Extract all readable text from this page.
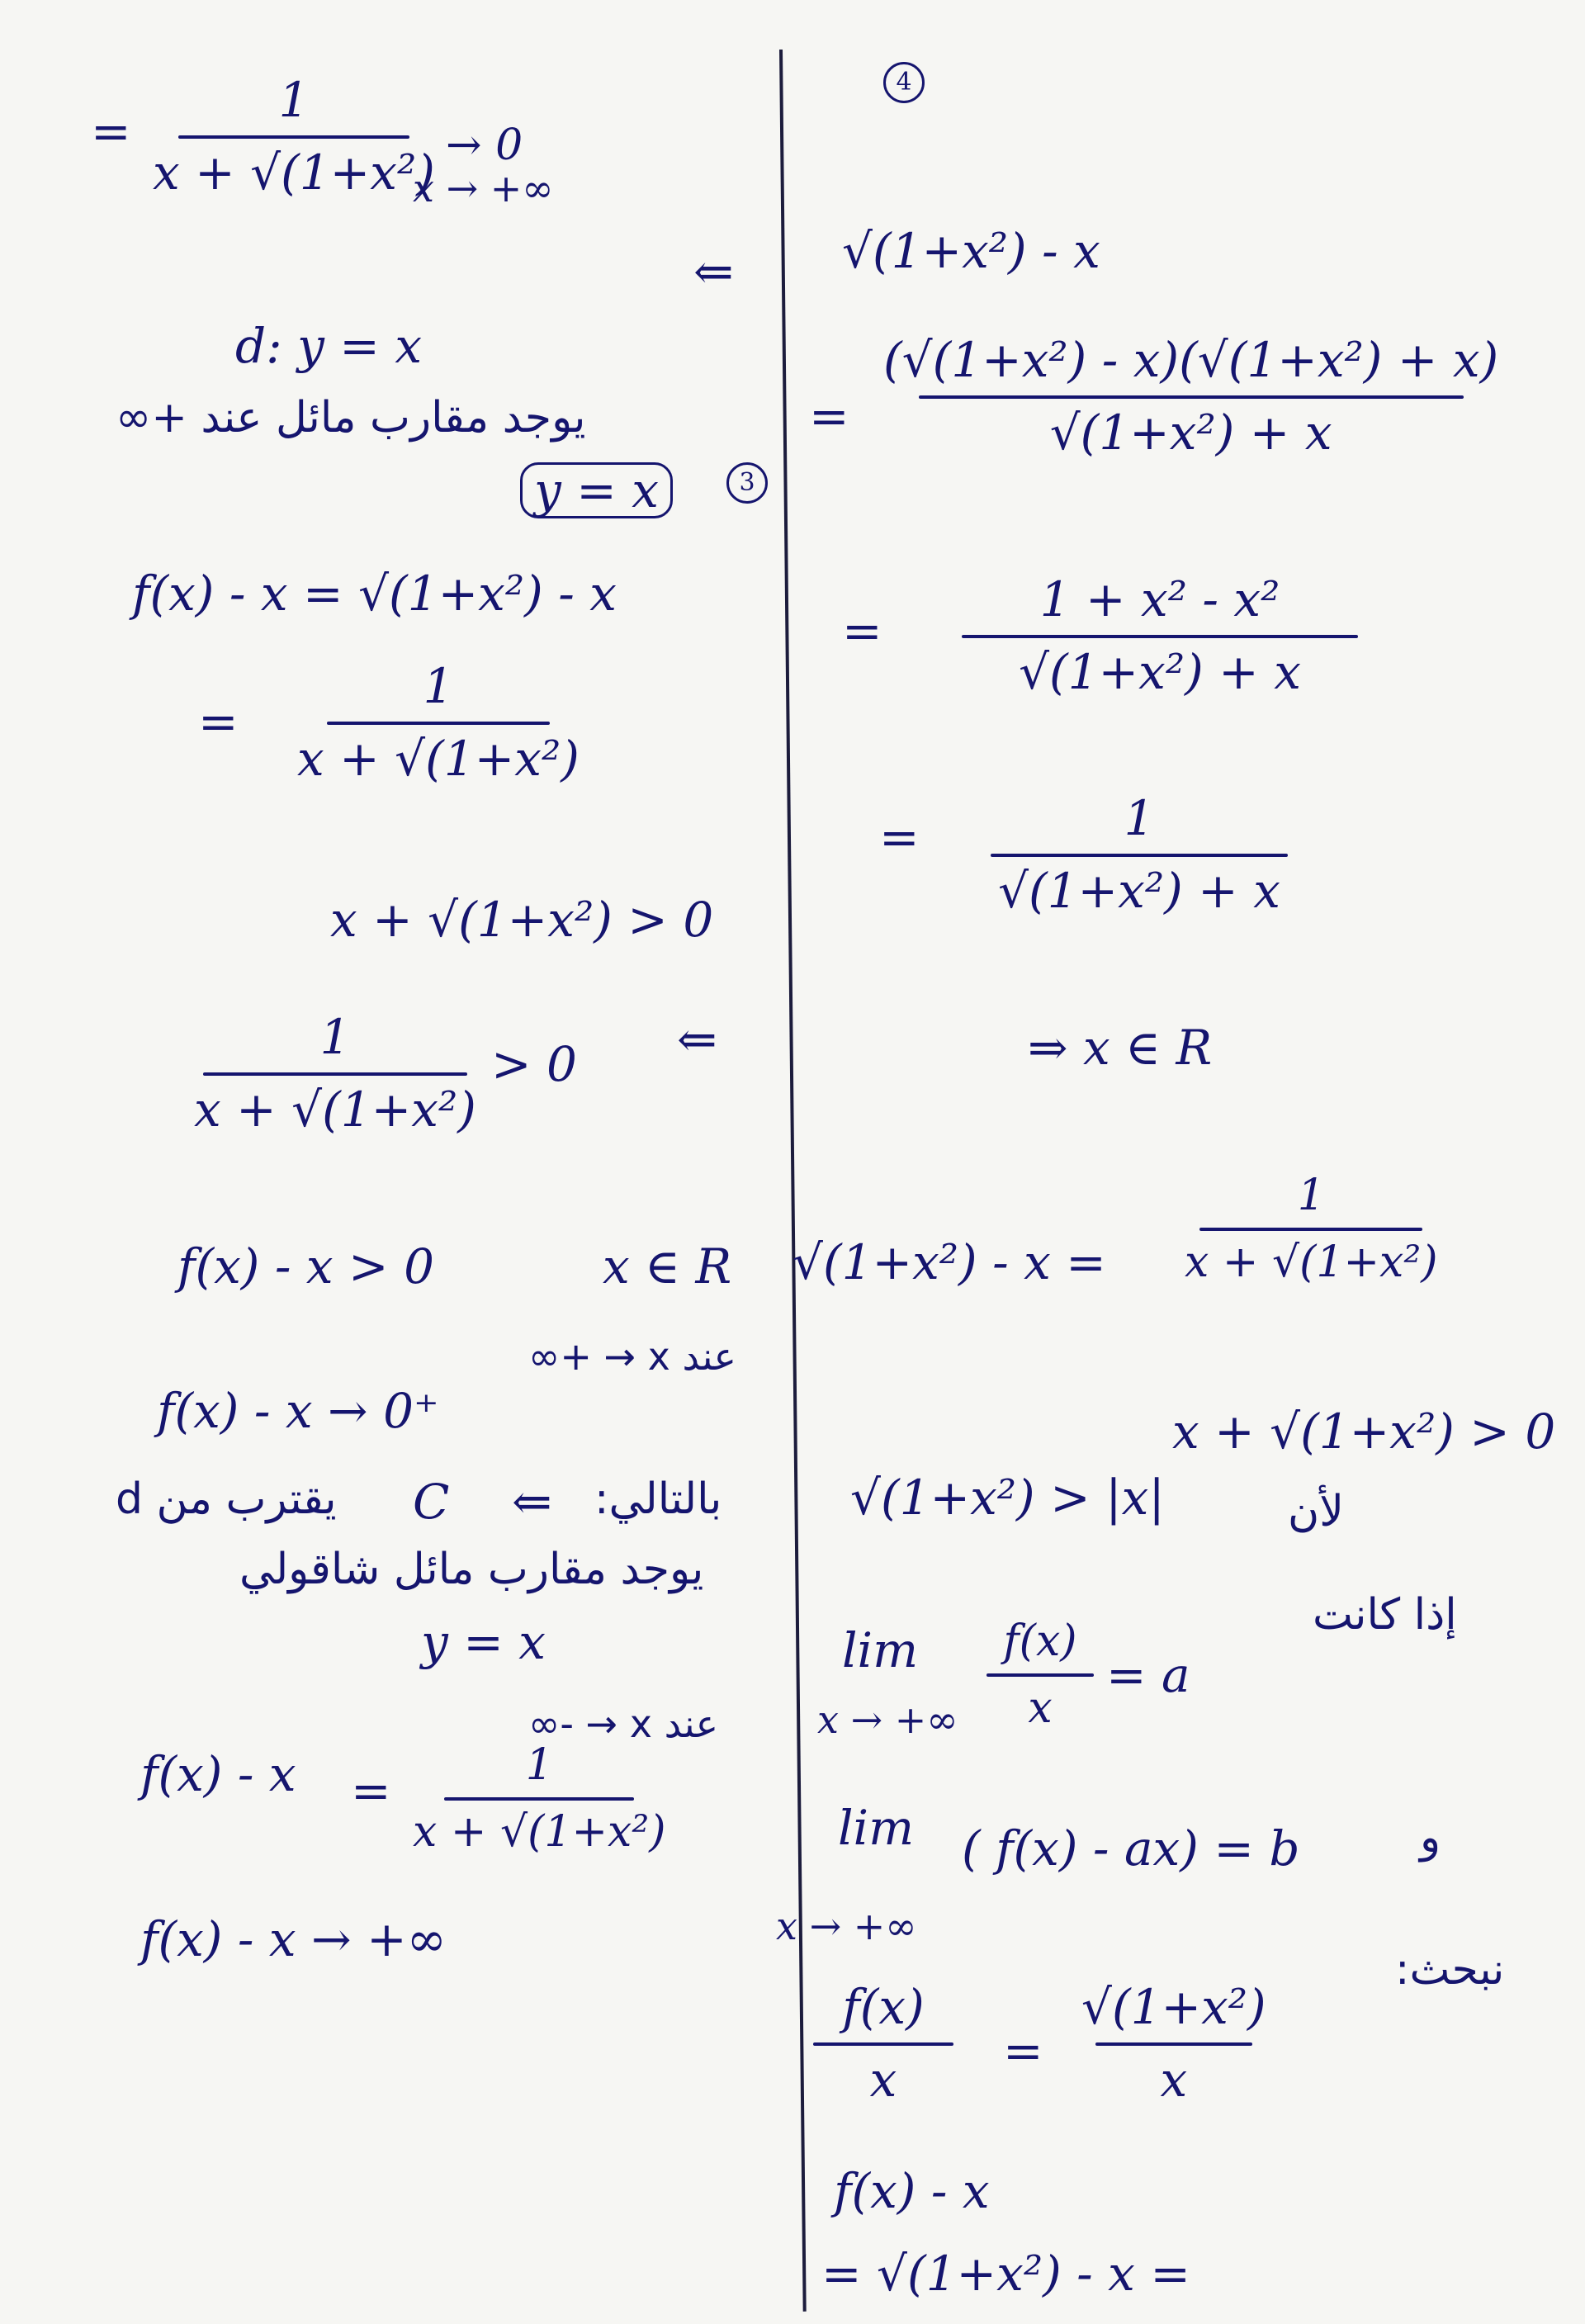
=
1
x + √(1+x²) → 0
x → +∞
⇐
d: y = x
يوجد مقارب مائل عند +∞
y = x	3
f(x) - x = √(1+x²) - x
=
1
x + √(1+x²)
x + √(1+x²) > 0
⇐
1
x + √(1+x²)
> 0
f(x) - x > 0	x ∈ R
عند x → +∞
f(x) - x → 0⁺
بالتالي:
⇐
C
يقترب من d
يوجد مقارب مائل شاقولي
y = x
عند x → -∞
f(x) - x =	1
x + √(1+x²)
f(x) - x → +∞
4
√(1+x²) - x
=
(√(1+x²) - x)(√(1+x²) + x)
√(1+x²) + x
=
1 + x² - x²
√(1+x²) + x
=	1
√(1+x²) + x
⇒ x ∈ R
√(1+x²) - x =
1
x + √(1+x²)
x + √(1+x²) > 0
√(1+x²) > |x|	لأن
إذا كانت
lim
x → +∞
f(x)
x
= a
و
lim ( f(x) - ax) = b
x → +∞
نبحث:
f(x)
x
=
√(1+x²)
x
f(x) - x
= √(1+x²) - x =
